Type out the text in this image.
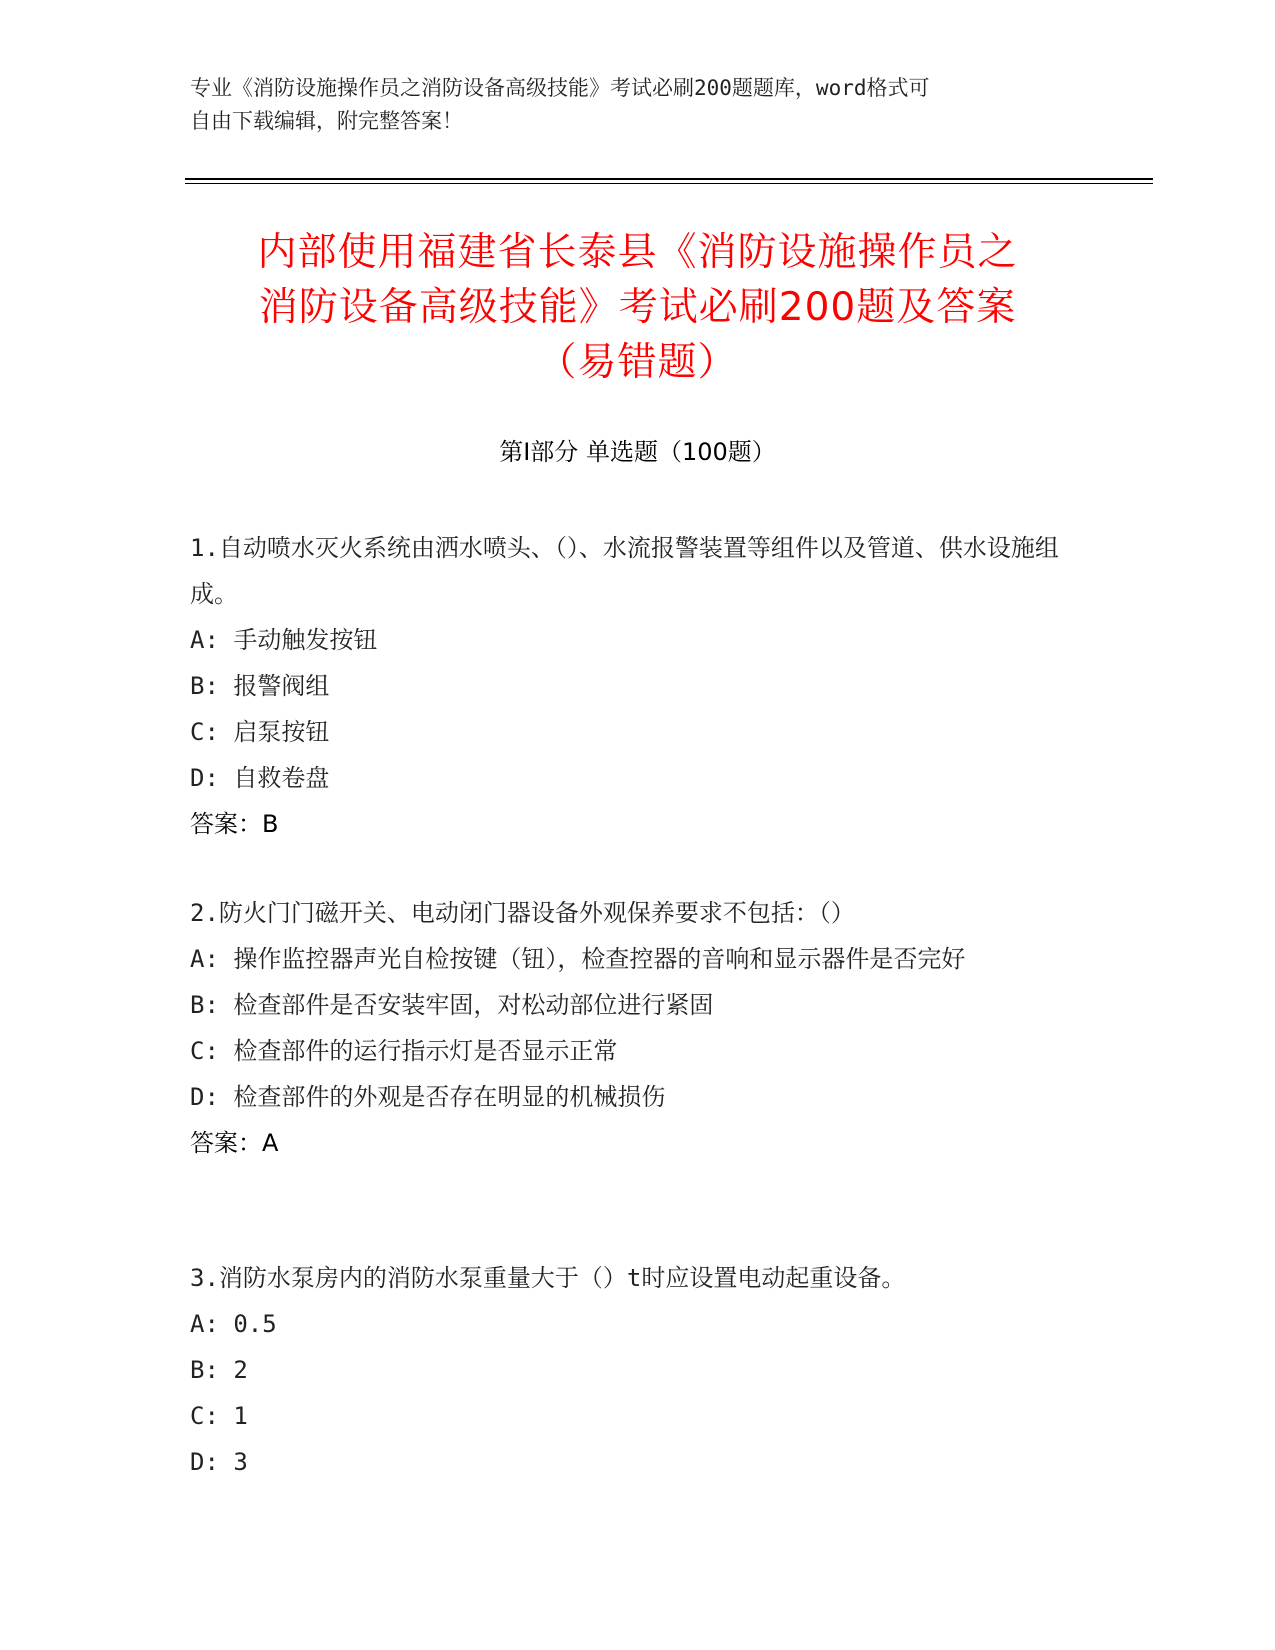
专业《消防设施操作员之消防设备高级技能》考试必刷200题题库，word格式可
自由下载编辑，附完整答案！
内部使用福建省长泰县《消防设施操作员之
消防设备高级技能》考试必刷200题及答案
（易错题）
第Ⅰ部分 单选题（100题）

1.自动喷水灭火系统由洒水喷头、（）、水流报警装置等组件以及管道、供水设施组成。

A: 手动触发按钮

B: 报警阀组

C: 启泵按钮

D: 自救卷盘

答案：B

2.防火门门磁开关、电动闭门器设备外观保养要求不包括：（）

A: 操作监控器声光自检按键（钮），检查控器的音响和显示器件是否完好

B: 检查部件是否安装牢固，对松动部位进行紧固

C: 检查部件的运行指示灯是否显示正常

D: 检查部件的外观是否存在明显的机械损伤

答案：A

3.消防水泵房内的消防水泵重量大于（）t时应设置电动起重设备。

A: 0.5

B: 2

C: 1

D: 3
